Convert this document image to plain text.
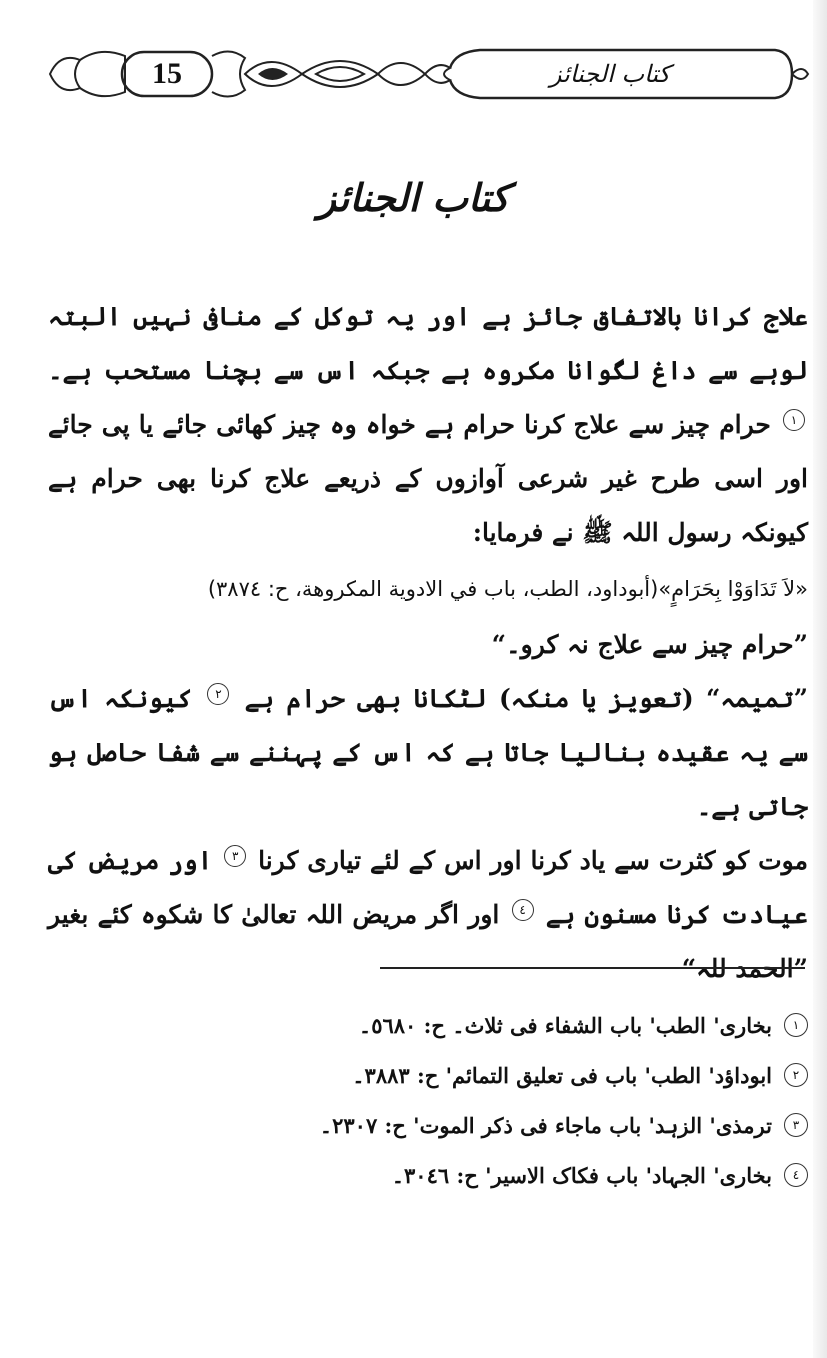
15	کتاب الجنائز
کتاب الجنائز

علاج کرانا بالاتفاق جائز ہے اور یہ توکل کے منافی نہیں البتہ لوہے سے داغ لگوانا مکروہ ہے جبکہ اس سے بچنا مستحب ہے۔ ١ حرام چیز سے علاج کرنا حرام ہے خواہ وہ چیز کھائی جائے یا پی جائے اور اسی طرح غیر شرعی آوازوں کے ذریعے علاج کرنا بھی حرام ہے کیونکہ رسول اللہ ﷺ نے فرمایا:

«لاَ تَدَاوَوْا بِحَرَامٍ»(أبوداود، الطب، باب في الادوية المكروهة، ح: ٣٨٧٤)

”حرام چیز سے علاج نہ کرو۔“

”تمیمہ“ (تعویز یا منکہ) لٹکانا بھی حرام ہے ٢ کیونکہ اس سے یہ عقیدہ بنالیا جاتا ہے کہ اس کے پہننے سے شفا حاصل ہو جاتی ہے۔

موت کو کثرت سے یاد کرنا اور اس کے لئے تیاری کرنا ٣ اور مریض کی عیادت کرنا مسنون ہے ٤ اور اگر مریض اللہ تعالیٰ کا شکوہ کئے بغیر ”الحمد للہ“

١
بخاری' الطب' باب الشفاء فی ثلاث۔ ح: ٥٦٨٠۔
٢
ابوداؤد' الطب' باب فی تعلیق التمائم' ح: ٣٨٨٣۔
٣
ترمذی' الزہد' باب ماجاء فی ذکر الموت' ح: ٢٣٠٧۔
٤
بخاری' الجہاد' باب فکاک الاسیر' ح: ٣٠٤٦۔
